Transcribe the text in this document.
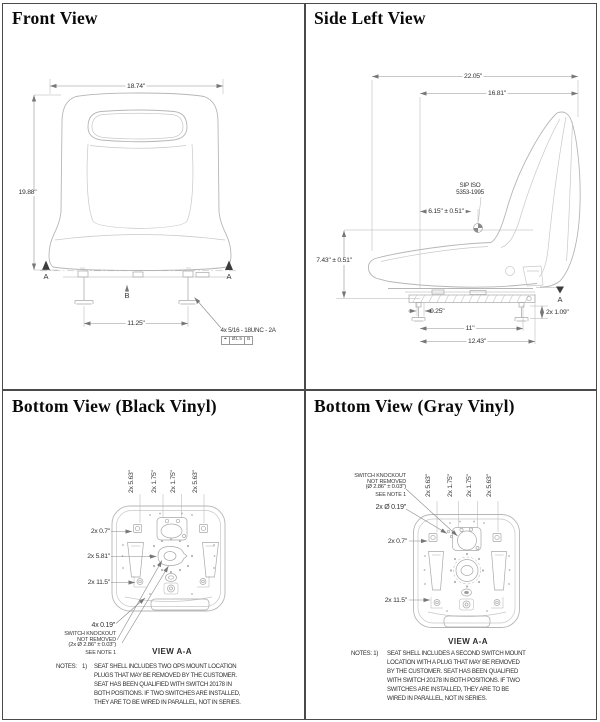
Front View
18.74"
19.88"
11.25"
A	A
B
4x 5/16 - 18UNC - 2A
⌖	Ø1.5	B
Side Left View
22.05"
16.81"
SIP ISO
5353-1995
6.15" ± 0.51"
7.43" ± 0.51"
0.25"
11"
12.43"
2x 1.09"
A
Bottom View (Black Vinyl)
2x 5.63" 2x 1.75" 2x 1.75" 2x 5.63"
2x 0.7"
2x 5.81"
2x 11.5"
4x 0.19"
SWITCH KNOCKOUT
NOT REMOVED
(2x Ø 2.86" ± 0.03")
SEE NOTE 1	VIEW A-A
NOTES: 1) SEAT SHELL INCLUDES TWO OPS MOUNT LOCATION
PLUGS THAT MAY BE REMOVED BY THE CUSTOMER.
SEAT HAS BEEN QUALIFIED WITH SWITCH 20178 IN
BOTH POSITIONS. IF TWO SWITCHES ARE INSTALLED,
THEY ARE TO BE WIRED IN PARALLEL, NOT IN SERIES.
Bottom View (Gray Vinyl)
2x 5.63" 2x 1.75" 2x 1.75" 2x 5.63"
SWITCH KNOCKOUT
NOT REMOVED
(Ø 2.86" ± 0.03")
SEE NOTE 1
2x Ø 0.19"
2x 0.7"
2x 11.5"
VIEW A-A
NOTES: 1) SEAT SHELL INCLUDES A SECOND SWITCH MOUNT
LOCATION WITH A PLUG THAT MAY BE REMOVED
BY THE CUSTOMER. SEAT HAS BEEN QUALIFIED
WITH SWITCH 20178 IN BOTH POSITIONS. IF TWO
SWITCHES ARE INSTALLED, THEY ARE TO BE
WIRED IN PARALLEL, NOT IN SERIES.
